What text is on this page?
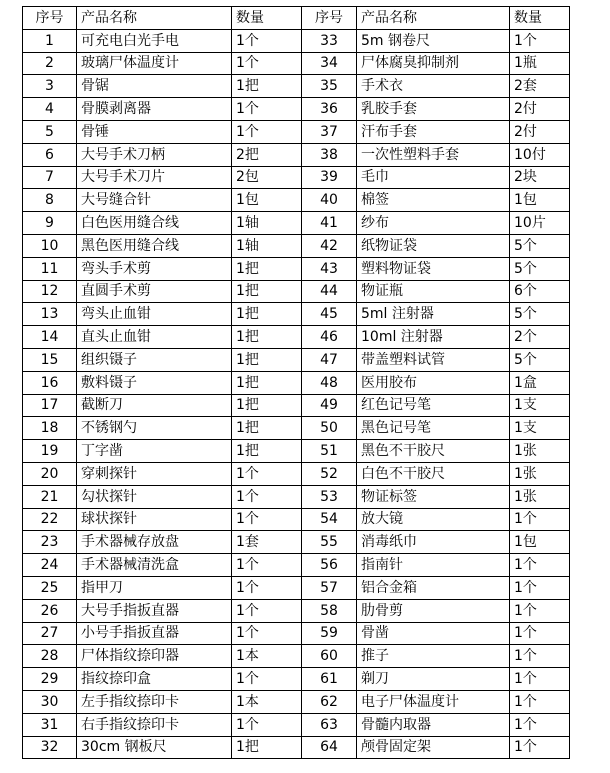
序号	产品名称	数量	序号	产品名称	数量
1	可充电白光手电	1个	33	5m 钢卷尺	1个
2	玻璃尸体温度计	1个	34	尸体腐臭抑制剂	1瓶
3	骨锯	1把	35	手术衣	2套
4	骨膜剥离器	1个	36	乳胶手套	2付
5	骨锤	1个	37	汗布手套	2付
6	大号手术刀柄	2把	38	一次性塑料手套	10付
7	大号手术刀片	2包	39	毛巾	2块
8	大号缝合针	1包	40	棉签	1包
9	白色医用缝合线	1轴	41	纱布	10片
10	黑色医用缝合线	1轴	42	纸物证袋	5个
11	弯头手术剪	1把	43	塑料物证袋	5个
12	直圆手术剪	1把	44	物证瓶	6个
13	弯头止血钳	1把	45	5ml 注射器	5个
14	直头止血钳	1把	46	10ml 注射器	2个
15	组织镊子	1把	47	带盖塑料试管	5个
16	敷料镊子	1把	48	医用胶布	1盒
17	截断刀	1把	49	红色记号笔	1支
18	不锈钢勺	1把	50	黑色记号笔	1支
19	丁字凿	1把	51	黑色不干胶尺	1张
20	穿刺探针	1个	52	白色不干胶尺	1张
21	勾状探针	1个	53	物证标签	1张
22	球状探针	1个	54	放大镜	1个
23	手术器械存放盘	1套	55	消毒纸巾	1包
24	手术器械清洗盒	1个	56	指南针	1个
25	指甲刀	1个	57	铝合金箱	1个
26	大号手指扳直器	1个	58	肋骨剪	1个
27	小号手指扳直器	1个	59	骨凿	1个
28	尸体指纹捺印器	1本	60	推子	1个
29	指纹捺印盒	1个	61	剃刀	1个
30	左手指纹捺印卡	1本	62	电子尸体温度计	1个
31	右手指纹捺印卡	1个	63	骨髓内取器	1个
32	30cm 钢板尺	1把	64	颅骨固定架	1个
